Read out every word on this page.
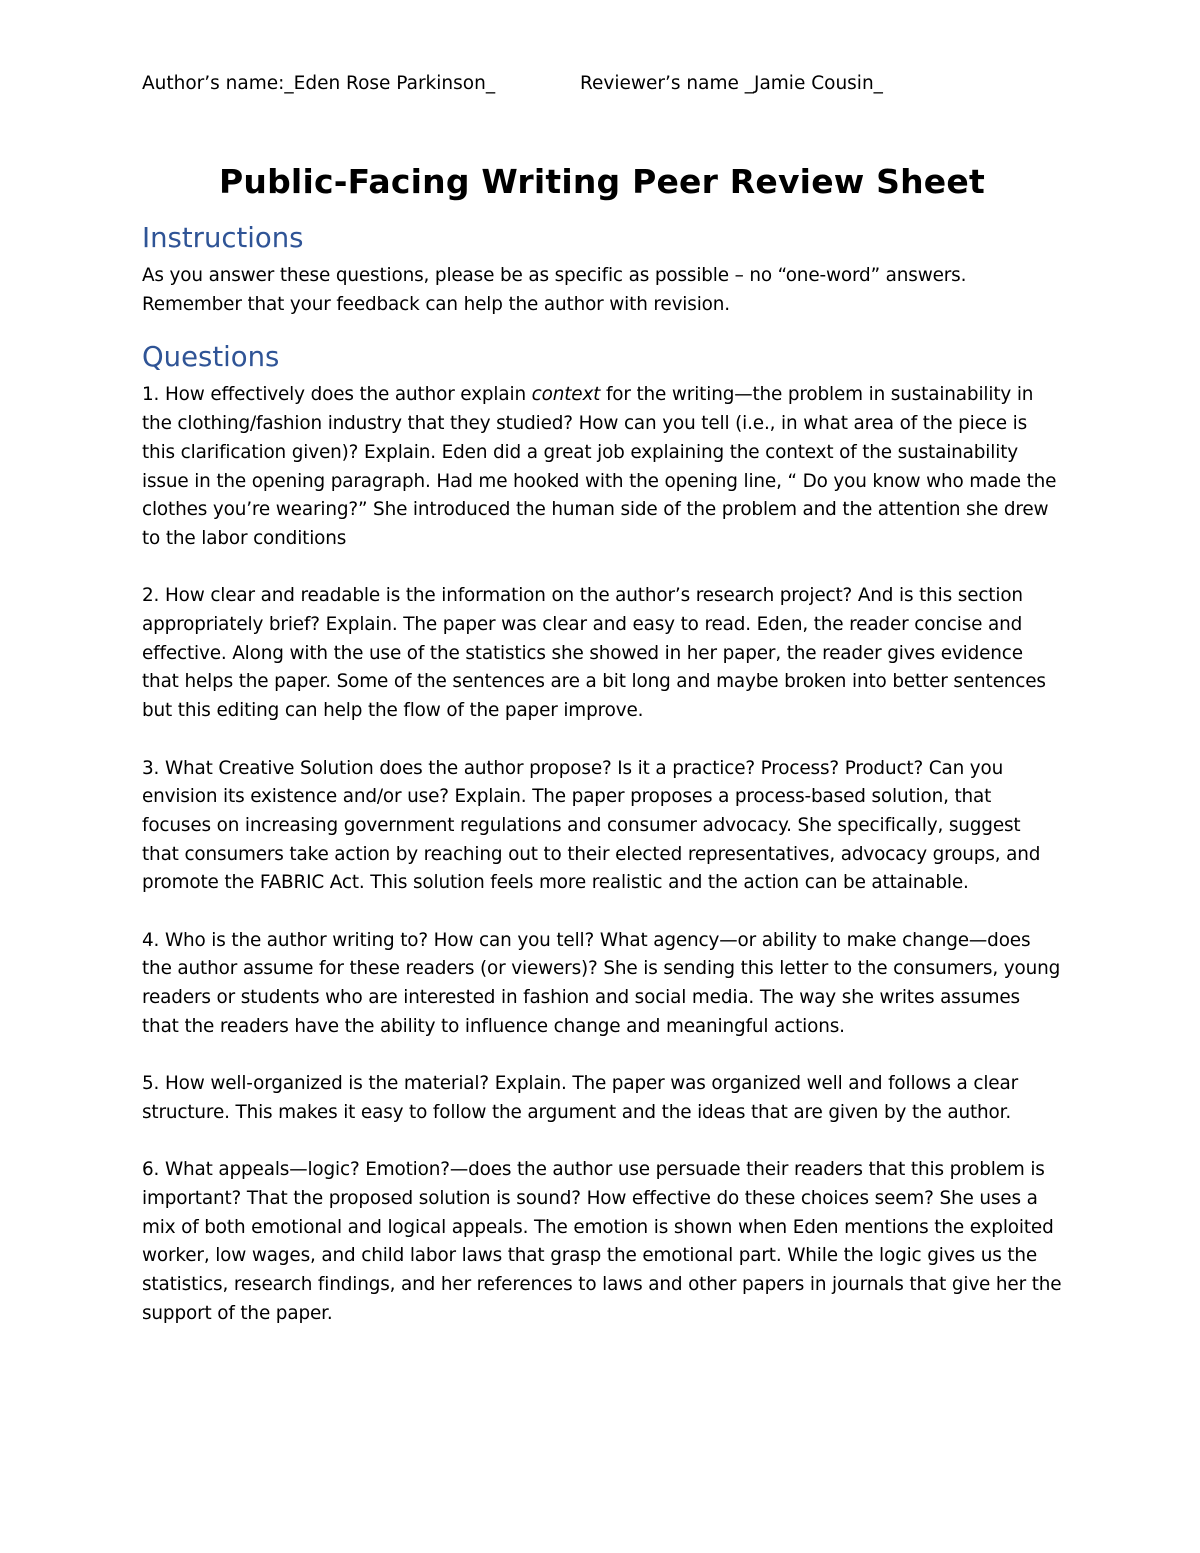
Author’s name:_Eden Rose Parkinson_	Reviewer’s name _Jamie Cousin_
Public-Facing Writing Peer Review Sheet
Instructions

As you answer these questions, please be as specific as possible – no “one-word” answers. Remember that your feedback can help the author with revision.

Questions

1. How effectively does the author explain context for the writing—the problem in sustainability in the clothing/fashion industry that they studied? How can you tell (i.e., in what area of the piece is this clarification given)? Explain. Eden did a great job explaining the context of the sustainability issue in the opening paragraph. Had me hooked with the opening line, “ Do you know who made the clothes you’re wearing?” She introduced the human side of the problem and the attention she drew to the labor conditions

2. How clear and readable is the information on the author’s research project? And is this section appropriately brief? Explain. The paper was clear and easy to read. Eden, the reader concise and effective. Along with the use of the statistics she showed in her paper, the reader gives evidence that helps the paper. Some of the sentences are a bit long and maybe broken into better sentences but this editing can help the flow of the paper improve.

3. What Creative Solution does the author propose? Is it a practice? Process? Product? Can you envision its existence and/or use? Explain. The paper proposes a process-based solution, that focuses on increasing government regulations and consumer advocacy. She specifically, suggest that consumers take action by reaching out to their elected representatives, advocacy groups, and promote the FABRIC Act. This solution feels more realistic and the action can be attainable.

4. Who is the author writing to? How can you tell? What agency—or ability to make change—does the author assume for these readers (or viewers)? She is sending this letter to the consumers, young readers or students who are interested in fashion and social media. The way she writes assumes that the readers have the ability to influence change and meaningful actions.

5. How well-organized is the material? Explain. The paper was organized well and follows a clear structure. This makes it easy to follow the argument and the ideas that are given by the author.

6. What appeals—logic? Emotion?—does the author use persuade their readers that this problem is important? That the proposed solution is sound? How effective do these choices seem? She uses a mix of both emotional and logical appeals. The emotion is shown when Eden mentions the exploited worker, low wages, and child labor laws that grasp the emotional part. While the logic gives us the statistics, research findings, and her references to laws and other papers in journals that give her the support of the paper.
